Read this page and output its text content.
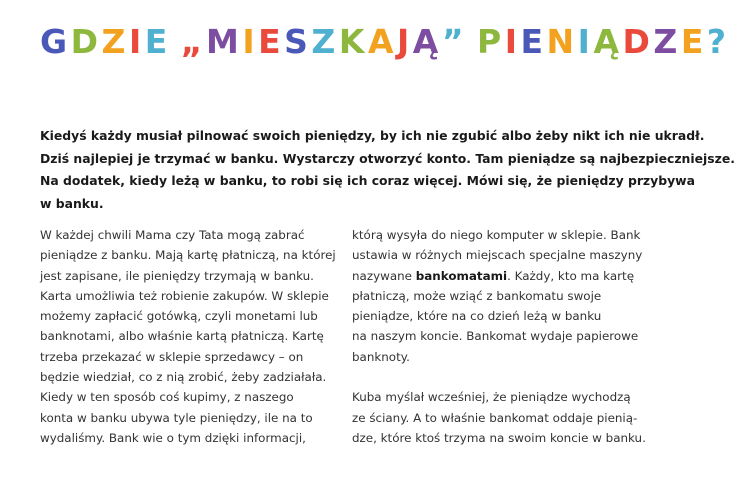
GDZIE „MIESZKAJĄ” PIENIĄDZE?
Kiedyś każdy musiał pilnować swoich pieniędzy, by ich nie zgubić albo żeby nikt ich nie ukradł.
Dziś najlepiej je trzymać w banku. Wystarczy otworzyć konto. Tam pieniądze są najbezpieczniejsze.
Na dodatek, kiedy leżą w banku, to robi się ich coraz więcej. Mówi się, że pieniędzy przybywa
w banku.
W każdej chwili Mama czy Tata mogą zabrać
pieniądze z banku. Mają kartę płatniczą, na której
jest zapisane, ile pieniędzy trzymają w banku.
Karta umożliwia też robienie zakupów. W sklepie
możemy zapłacić gotówką, czyli monetami lub
banknotami, albo właśnie kartą płatniczą. Kartę
trzeba przekazać w sklepie sprzedawcy – on
będzie wiedział, co z nią zrobić, żeby zadziałała.
Kiedy w ten sposób coś kupimy, z naszego
konta w banku ubywa tyle pieniędzy, ile na to
wydaliśmy. Bank wie o tym dzięki informacji,
którą wysyła do niego komputer w sklepie. Bank
ustawia w różnych miejscach specjalne maszyny
nazywane bankomatami. Każdy, kto ma kartę
płatniczą, może wziąć z bankomatu swoje
pieniądze, które na co dzień leżą w banku
na naszym koncie. Bankomat wydaje papierowe
banknoty.
Kuba myślał wcześniej, że pieniądze wychodzą
ze ściany. A to właśnie bankomat oddaje pienią-
dze, które ktoś trzyma na swoim koncie w banku.
